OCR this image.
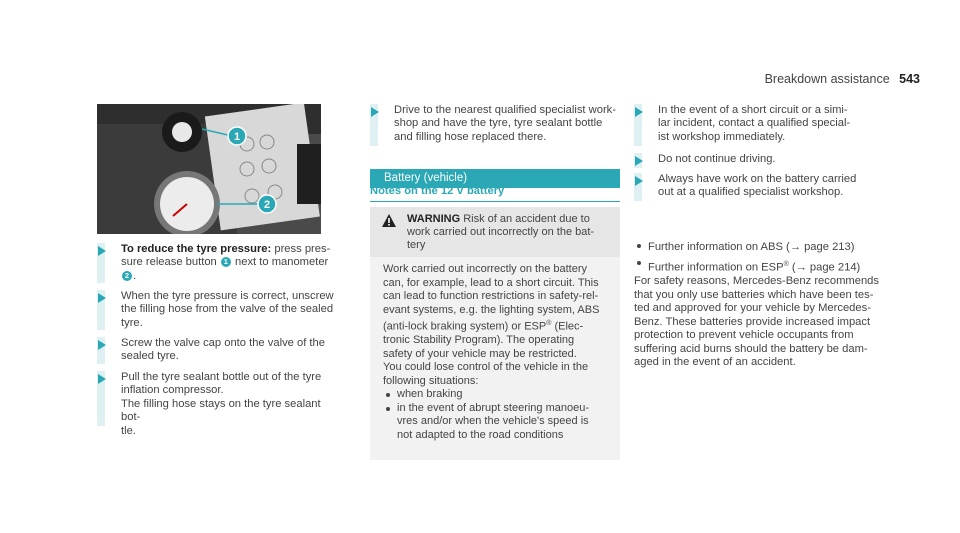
Breakdown assistance 543
1
2
To reduce the tyre pressure: press pres-
sure release button 1 next to manometer
2 .
When the tyre pressure is correct, unscrew
the filling hose from the valve of the sealed
tyre.
Screw the valve cap onto the valve of the
sealed tyre.
Pull the tyre sealant bottle out of the tyre
inflation compressor.
The filling hose stays on the tyre sealant bot-
tle.
Drive to the nearest qualified specialist work-
shop and have the tyre, tyre sealant bottle
and filling hose replaced there.
Battery (vehicle)
Notes on the 12 V battery
WARNING Risk of an accident due to
work carried out incorrectly on the bat-
tery

Work carried out incorrectly on the battery
can, for example, lead to a short circuit. This
can lead to function restrictions in safety-rel-
evant systems, e.g. the lighting system, ABS
(anti-lock braking system) or ESP® (Elec-
tronic Stability Program). The operating
safety of your vehicle may be restricted.

You could lose control of the vehicle in the
following situations:

when braking
in the event of abrupt steering manoeu-
vres and/or when the vehicle's speed is
not adapted to the road conditions
In the event of a short circuit or a simi-
lar incident, contact a qualified special-
ist workshop immediately.
Do not continue driving.
Always have work on the battery carried
out at a qualified specialist workshop.
Further information on ABS (→ page 213)
Further information on ESP® (→ page 214)

For safety reasons, Mercedes-Benz recommends
that you only use batteries which have been tes-
ted and approved for your vehicle by Mercedes-
Benz. These batteries provide increased impact
protection to prevent vehicle occupants from
suffering acid burns should the battery be dam-
aged in the event of an accident.
